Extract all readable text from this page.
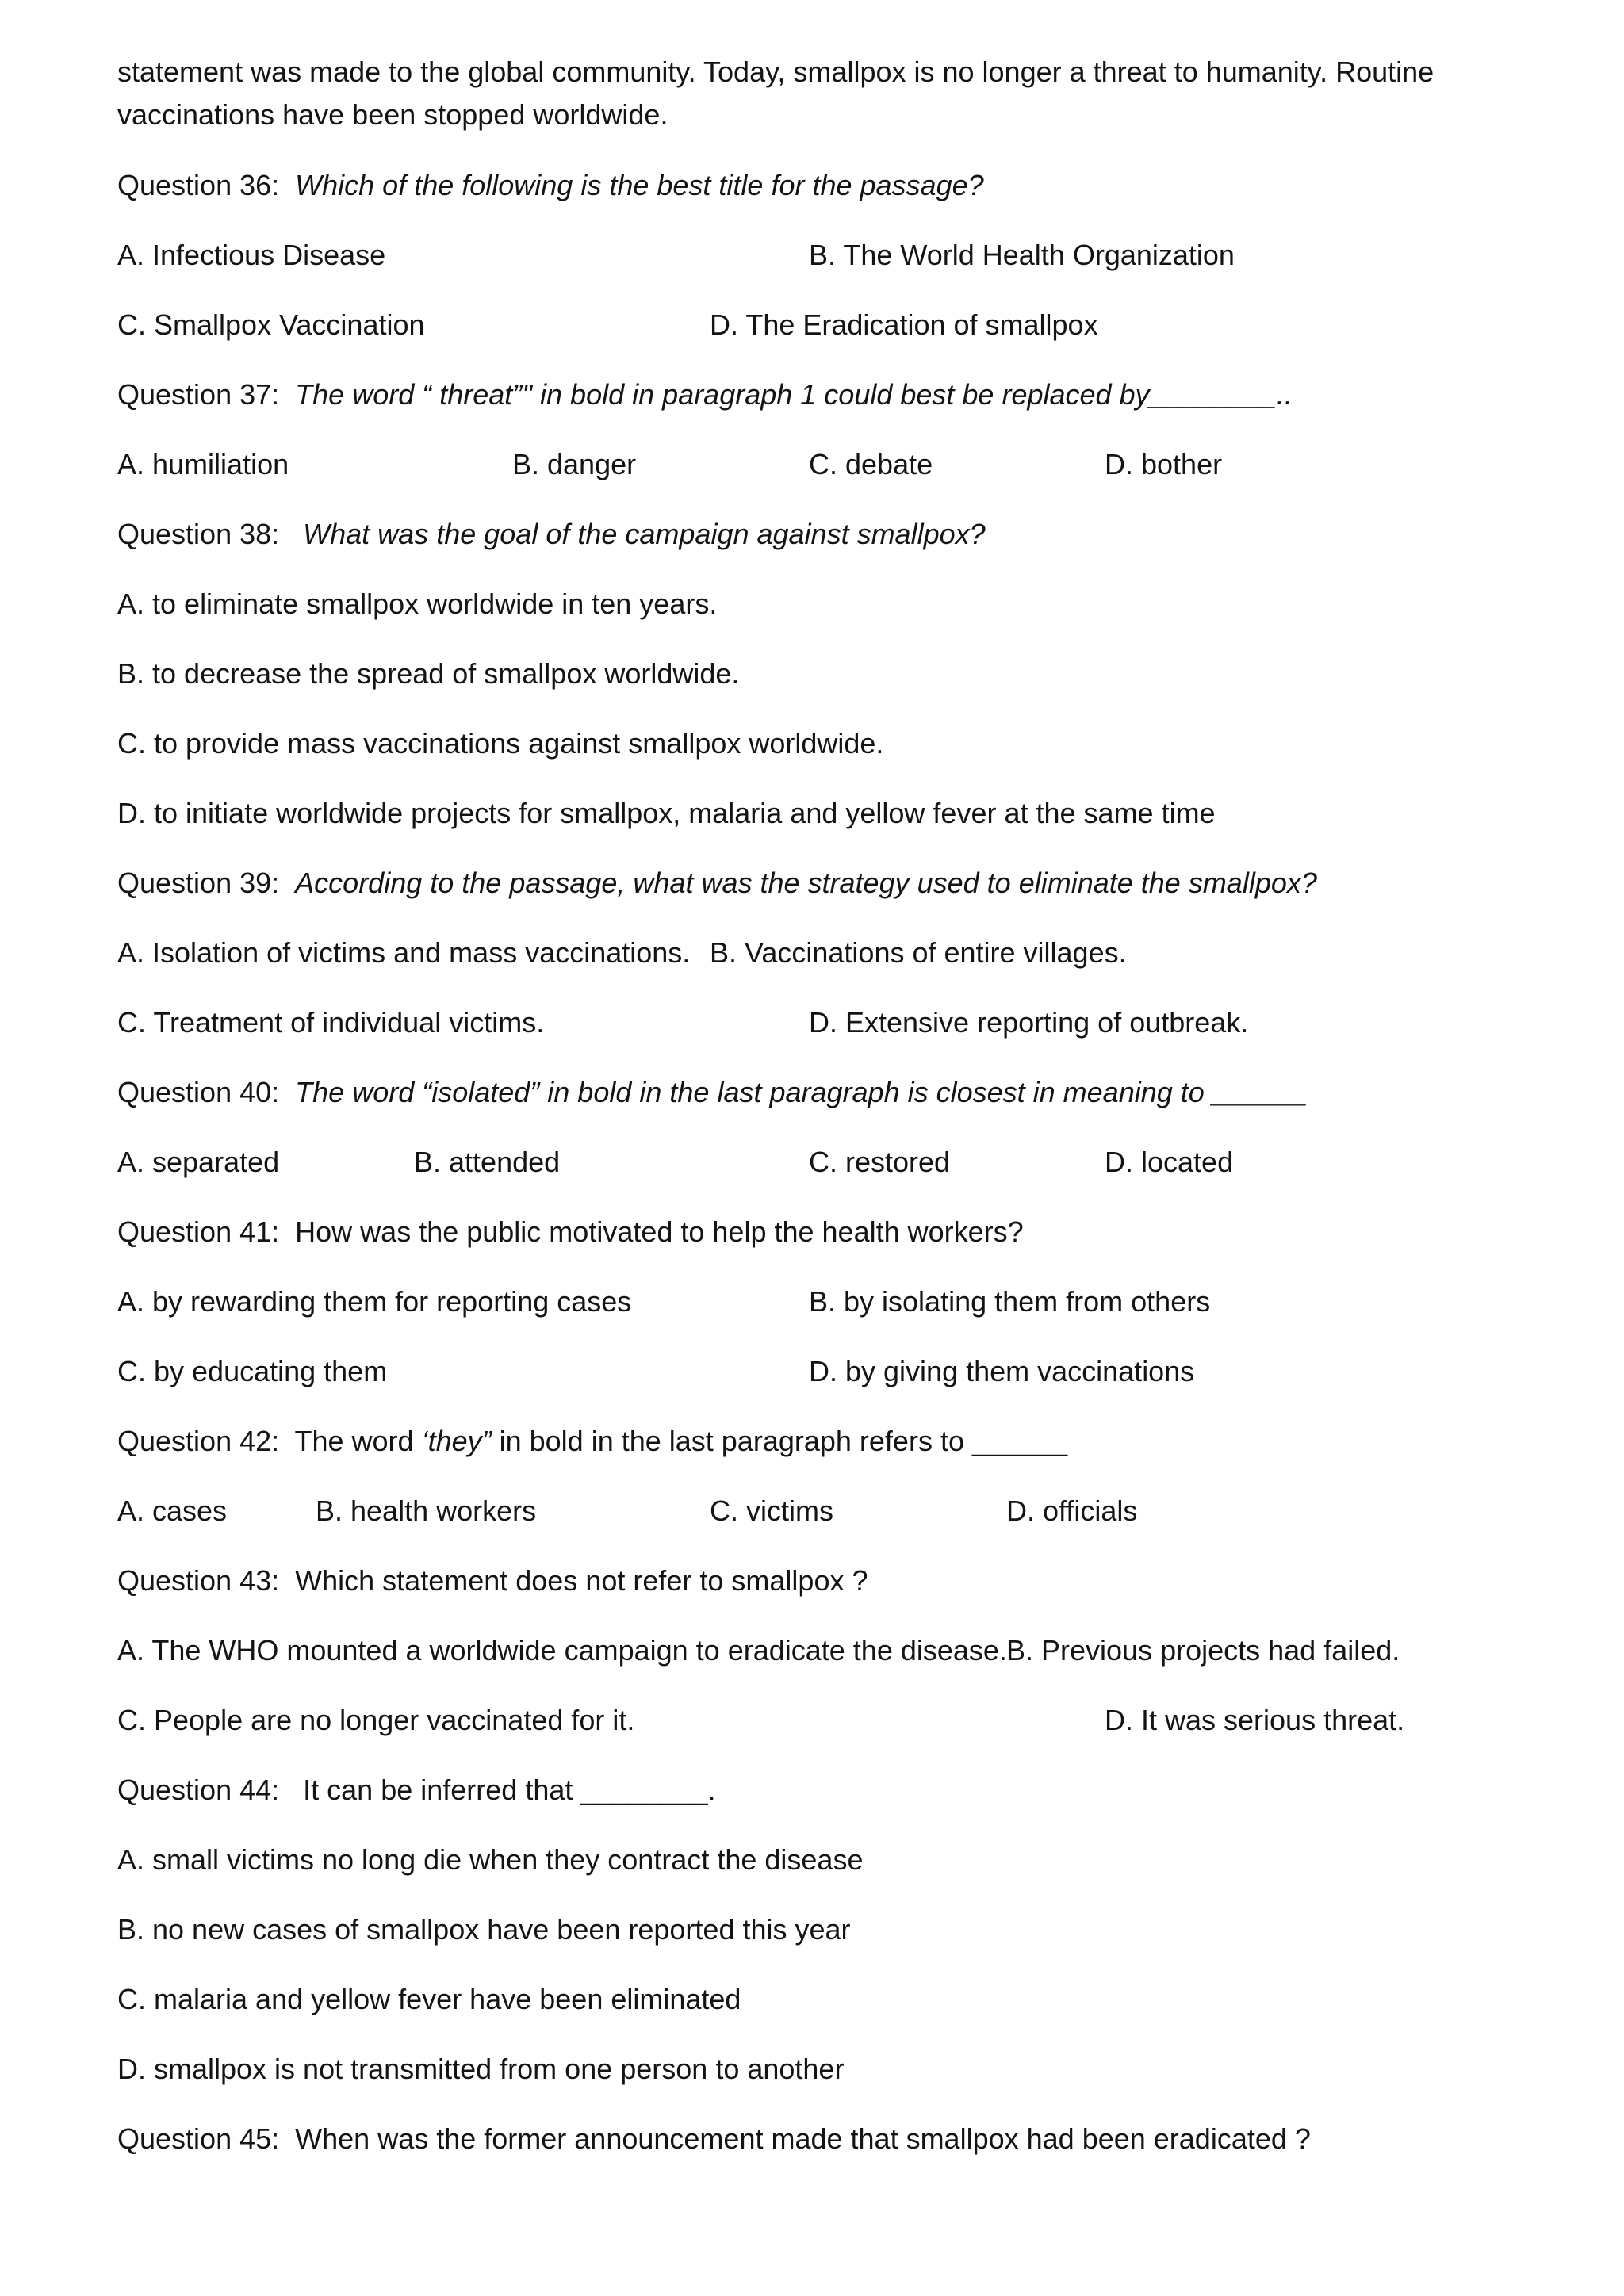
statement was made to the global community. Today, smallpox is no longer a threat to humanity. Routine
vaccinations have been stopped worldwide.
Question 36: Which of the following is the best title for the passage?
A. Infectious Disease	B. The World Health Organization
C. Smallpox Vaccination	D. The Eradication of smallpox
Question 37: The word “ threat”" in bold in paragraph 1 could best be replaced by________..
A. humiliation	B. danger	C. debate	D. bother
Question 38: What was the goal of the campaign against smallpox?
A. to eliminate smallpox worldwide in ten years.
B. to decrease the spread of smallpox worldwide.
C. to provide mass vaccinations against smallpox worldwide.
D. to initiate worldwide projects for smallpox, malaria and yellow fever at the same time
Question 39: According to the passage, what was the strategy used to eliminate the smallpox?
A. Isolation of victims and mass vaccinations. B. Vaccinations of entire villages.
C. Treatment of individual victims.	D. Extensive reporting of outbreak.
Question 40: The word “isolated” in bold in the last paragraph is closest in meaning to ______
A. separated	B. attended	C. restored	D. located
Question 41: How was the public motivated to help the health workers?
A. by rewarding them for reporting cases	B. by isolating them from others
C. by educating them	D. by giving them vaccinations
Question 42: The word ‘they” in bold in the last paragraph refers to ______
A. cases	B. health workers	C. victims	D. officials
Question 43: Which statement does not refer to smallpox ?
A. The WHO mounted a worldwide campaign to eradicate the disease. B. Previous projects had failed.
C. People are no longer vaccinated for it.	D. It was serious threat.
Question 44: It can be inferred that ________.
A. small victims no long die when they contract the disease
B. no new cases of smallpox have been reported this year
C. malaria and yellow fever have been eliminated
D. smallpox is not transmitted from one person to another
Question 45: When was the former announcement made that smallpox had been eradicated ?
